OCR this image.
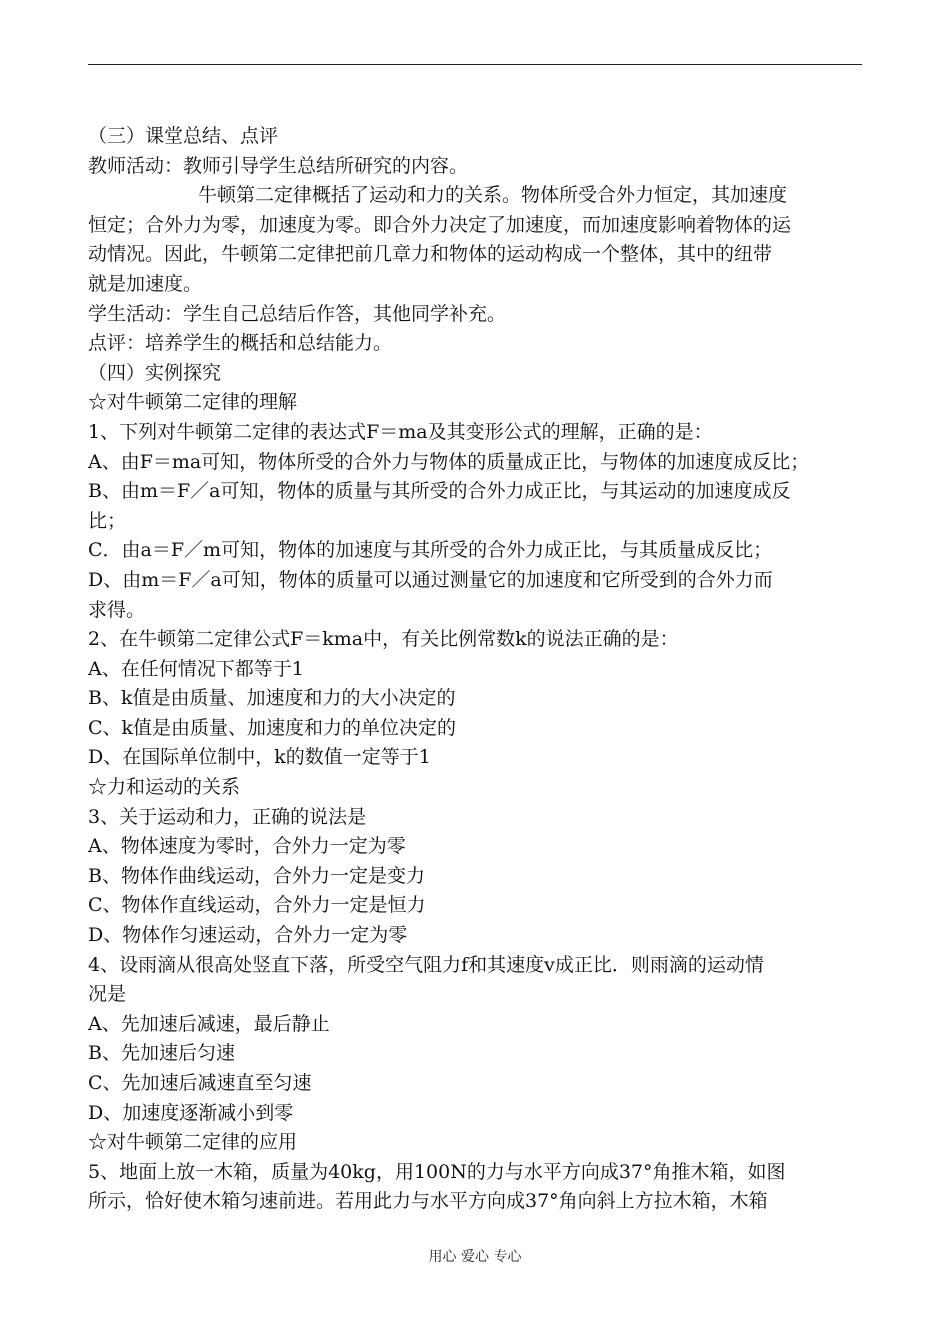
（三）课堂总结、点评
教师活动：教师引导学生总结所研究的内容。
牛顿第二定律概括了运动和力的关系。物体所受合外力恒定，其加速度
恒定；合外力为零，加速度为零。即合外力决定了加速度，而加速度影响着物体的运
动情况。因此，牛顿第二定律把前几章力和物体的运动构成一个整体，其中的纽带
就是加速度。
学生活动：学生自己总结后作答，其他同学补充。
点评：培养学生的概括和总结能力。
（四）实例探究
☆对牛顿第二定律的理解
1、下列对牛顿第二定律的表达式F＝ma及其变形公式的理解，正确的是：
A、由F＝ma可知，物体所受的合外力与物体的质量成正比，与物体的加速度成反比；
B、由m＝F／a可知，物体的质量与其所受的合外力成正比，与其运动的加速度成反
比；
C．由a＝F／m可知，物体的加速度与其所受的合外力成正比，与其质量成反比；
D、由m＝F／a可知，物体的质量可以通过测量它的加速度和它所受到的合外力而
求得。
2、在牛顿第二定律公式F＝kma中，有关比例常数k的说法正确的是：
A、在任何情况下都等于1
B、k值是由质量、加速度和力的大小决定的
C、k值是由质量、加速度和力的单位决定的
D、在国际单位制中，k的数值一定等于1
☆力和运动的关系
3、关于运动和力，正确的说法是
A、物体速度为零时，合外力一定为零
B、物体作曲线运动，合外力一定是变力
C、物体作直线运动，合外力一定是恒力
D、物体作匀速运动，合外力一定为零
4、设雨滴从很高处竖直下落，所受空气阻力f和其速度v成正比．则雨滴的运动情
况是
A、先加速后减速，最后静止
B、先加速后匀速
C、先加速后减速直至匀速
D、加速度逐渐减小到零
☆对牛顿第二定律的应用
5、地面上放一木箱，质量为40kg，用100N的力与水平方向成37°角推木箱，如图
所示，恰好使木箱匀速前进。若用此力与水平方向成37°角向斜上方拉木箱，木箱
用心 爱心 专心
